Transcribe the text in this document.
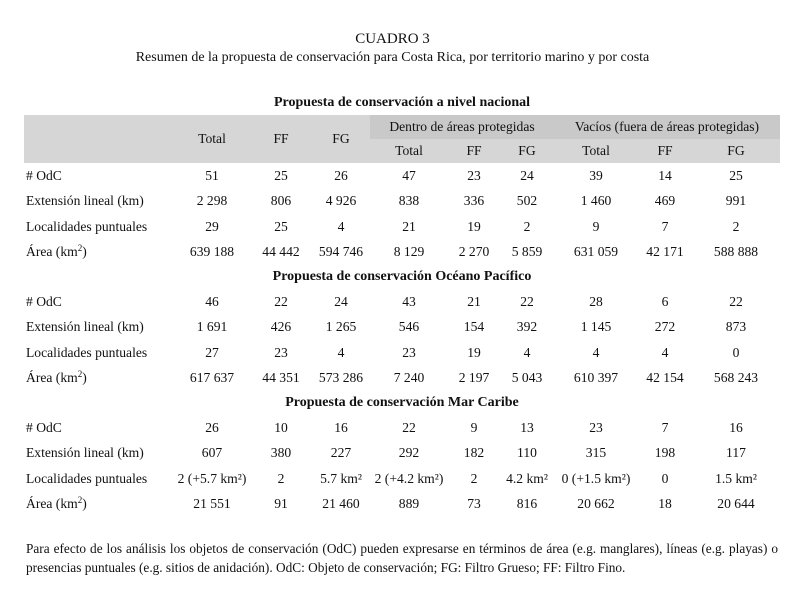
CUADRO 3
Resumen de la propuesta de conservación para Costa Rica, por territorio marino y por costa
Propuesta de conservación a nivel nacional									
	Total	FF	FG	Dentro de áreas protegidas			Vacíos (fuera de áreas protegidas)		
				Total	FF	FG	Total	FF	FG
# OdC	51	25	26	47	23	24	39	14	25
Extensión lineal (km)	2 298	806	4 926	838	336	502	1 460	469	991
Localidades puntuales	29	25	4	21	19	2	9	7	2
Área $(km^2)$	639 188	44 442	594 746	8 129	2 270	5 859	631 059	42 171	588 888
Propuesta de conservación Océano Pacífico									
# OdC	46	22	24	43	21	22	28	6	22
Extensión lineal (km)	1 691	426	1 265	546	154	392	1 145	272	873
Localidades puntuales	27	23	4	23	19	4	4	4	0
Área $(km^2)$	617 637	44 351	573 286	7 240	2 197	5 043	610 397	42 154	568 243
Propuesta de conservación Mar Caribe									
# OdC	26	10	16	22	9	13	23	7	16
Extensión lineal (km)	607	380	227	292	182	110	315	198	117
Localidades puntuales	2 (+5.7 km²)	2	5.7 km²	2 (+4.2 km²)	2	4.2 km²	0 (+1.5 km²)	0	1.5 km²
Área $(km^2)$	21 551	91	21 460	889	73	816	20 662	18	20 644
Para efecto de los análisis los objetos de conservación (OdC) pueden expresarse en términos de área (e.g. manglares), líneas (e.g. playas) o presencias puntuales (e.g. sitios de anidación). OdC: Objeto de conservación; FG: Filtro Grueso; FF: Filtro Fino.
